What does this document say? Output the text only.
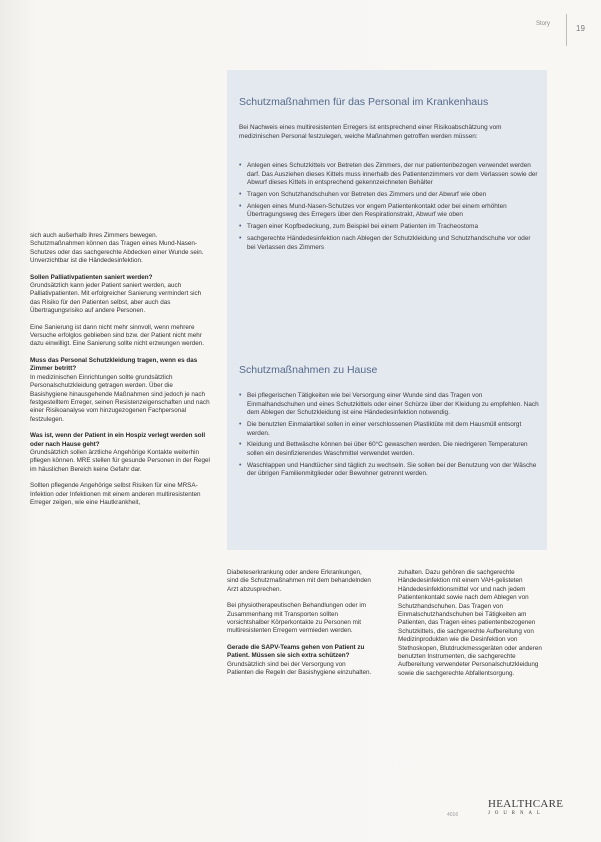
Story	19
Schutzmaßnahmen für das Personal im Krankenhaus

Bei Nachweis eines multiresistenten Erregers ist entsprechend einer Risikoabschätzung vom medizinischen Personal festzulegen, welche Maßnahmen getroffen werden müssen:

• Anlegen eines Schutzkittels vor Betreten des Zimmers, der nur patientenbezogen verwendet werden darf. Das Ausziehen dieses Kittels muss innerhalb des Patientenzimmers vor dem Verlassen sowie der Abwurf dieses Kittels in entsprechend gekennzeichneten Behälter
• Tragen von Schutzhandschuhen vor Betreten des Zimmers und der Abwurf wie oben
• Anlegen eines Mund-Nasen-Schutzes vor engem Patientenkontakt oder bei einem erhöhten Übertragungsweg des Erregers über den Respirationstrakt, Abwurf wie oben
• Tragen einer Kopfbedeckung, zum Beispiel bei einem Patienten im Tracheostoma
• sachgerechte Händedesinfektion nach Ablegen der Schutzkleidung und Schutzhandschuhe vor oder bei Verlassen des Zimmers
Schutzmaßnahmen zu Hause
• Bei pflegerischen Tätigkeiten wie bei Versorgung einer Wunde sind das Tragen von Einmalhandschuhen und eines Schutzkittels oder einer Schürze über der Kleidung zu empfehlen. Nach dem Ablegen der Schutzkleidung ist eine Händedesinfektion notwendig.
• Die benutzten Einmalartikel sollen in einer verschlossenen Plastiktüte mit dem Hausmüll entsorgt werden.
• Kleidung und Bettwäsche können bei über 60°C gewaschen werden. Die niedrigeren Temperaturen sollen ein desinfizierendes Waschmittel verwendet werden.
• Waschlappen und Handtücher sind täglich zu wechseln. Sie sollen bei der Benutzung von der Wäsche der übrigen Familienmitglieder oder Bewohner getrennt werden.

sich auch außerhalb ihres Zimmers bewegen. Schutzmaßnahmen können das Tragen eines Mund-Nasen-Schutzes oder das sachgerechte Abdecken einer Wunde sein. Unverzichtbar ist die Händedesinfektion.

Sollen Palliativpatienten saniert werden?

Grundsätzlich kann jeder Patient saniert werden, auch Palliativpatienten. Mit erfolgreicher Sanierung vermindert sich das Risiko für den Patienten selbst, aber auch das Übertragungsrisiko auf andere Personen.

Eine Sanierung ist dann nicht mehr sinnvoll, wenn mehrere Versuche erfolglos geblieben sind bzw. der Patient nicht mehr dazu einwilligt. Eine Sanierung sollte nicht erzwungen werden.

Muss das Personal Schutzkleidung tragen, wenn es das Zimmer betritt?

In medizinischen Einrichtungen sollte grundsätzlich Personalschutzkleidung getragen werden. Über die Basishygiene hinausgehende Maßnahmen sind jedoch je nach festgestelltem Erreger, seinen Resistenzeigenschaften und nach einer Risikoanalyse vom hinzugezogenen Fachpersonal festzulegen.

Was ist, wenn der Patient in ein Hospiz verlegt werden soll oder nach Hause geht?

Grundsätzlich sollen ärztliche Angehörige Kontakte weiterhin pflegen können. MRE stellen für gesunde Personen in der Regel im häuslichen Bereich keine Gefahr dar.

Sollten pflegende Angehörige selbst Risiken für eine MRSA-Infektion oder Infektionen mit einem anderen multiresistenten Erreger zeigen, wie eine Hautkrankheit,

Diabeteserkrankung oder andere Erkrankungen, sind die Schutzmaßnahmen mit dem behandelnden Arzt abzusprechen.

Bei physiotherapeutischen Behandlungen oder im Zusammenhang mit Transporten sollten vorsichtshalber Körperkontakte zu Personen mit multiresistenten Erregern vermieden werden.

Gerade die SAPV-Teams gehen von Patient zu Patient. Müssen sie sich extra schützen?

Grundsätzlich sind bei der Versorgung von Patienten die Regeln der Basishygiene einzuhalten.

zuhalten. Dazu gehören die sachgerechte Händedesinfektion mit einem VAH-gelisteten Händedesinfektionsmittel vor und nach jedem Patientenkontakt sowie nach dem Ablegen von Schutzhandschuhen. Das Tragen von Einmalschutzhandschuhen bei Tätigkeiten am Patienten, das Tragen eines patientenbezogenen Schutzkittels, die sachgerechte Aufbereitung von Medizinprodukten wie die Desinfektion von Stethoskopen, Blutdruckmessgeräten oder anderen benutzten Instrumenten, die sachgerechte Aufbereitung verwendeter Personalschutzkleidung sowie die sachgerechte Abfallentsorgung.

4016
HEALTHCARE
JOURNAL
